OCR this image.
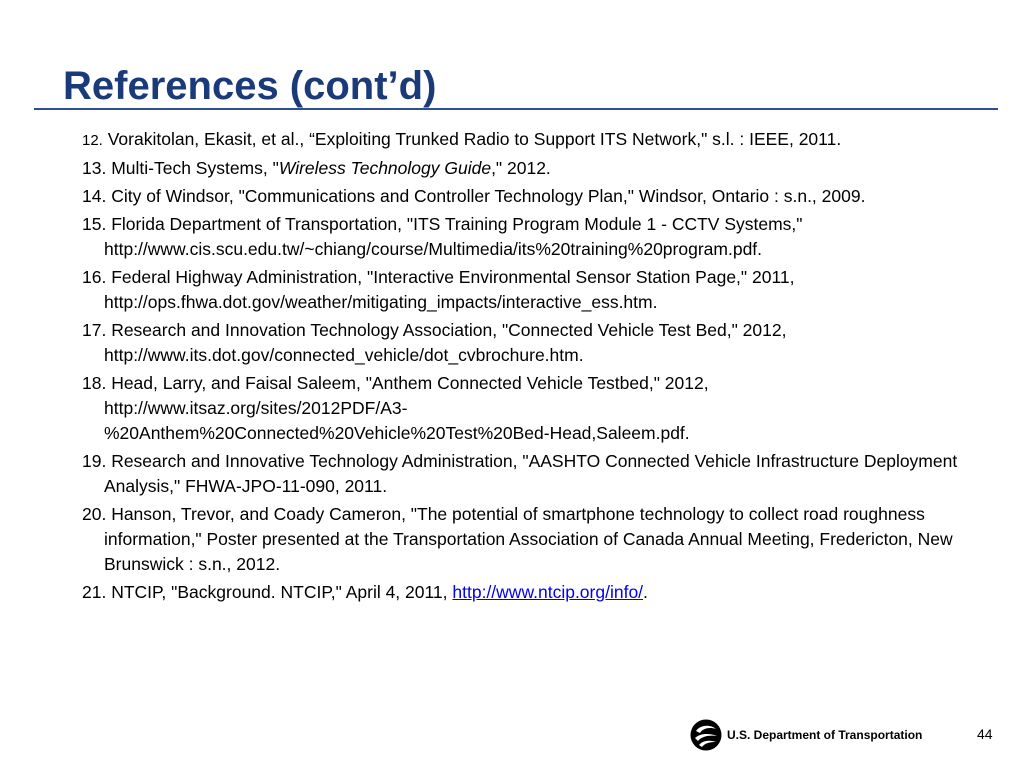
References (cont’d)
12. Vorakitolan, Ekasit, et al., “Exploiting Trunked Radio to Support ITS Network," s.l. : IEEE, 2011.
13. Multi-Tech Systems, "Wireless Technology Guide," 2012.
14. City of Windsor, "Communications and Controller Technology Plan," Windsor, Ontario : s.n., 2009.
15. Florida Department of Transportation, "ITS Training Program Module 1 - CCTV Systems," http://www.cis.scu.edu.tw/~chiang/course/Multimedia/its%20training%20program.pdf.
16. Federal Highway Administration, "Interactive Environmental Sensor Station Page," 2011, http://ops.fhwa.dot.gov/weather/mitigating_impacts/interactive_ess.htm.
17. Research and Innovation Technology Association, "Connected Vehicle Test Bed," 2012, http://www.its.dot.gov/connected_vehicle/dot_cvbrochure.htm.
18. Head, Larry, and Faisal Saleem, "Anthem Connected Vehicle Testbed," 2012, http://www.itsaz.org/sites/2012PDF/A3-
%20Anthem%20Connected%20Vehicle%20Test%20Bed-Head,Saleem.pdf.
19. Research and Innovative Technology Administration, "AASHTO Connected Vehicle Infrastructure Deployment Analysis," FHWA-JPO-11-090, 2011.
20. Hanson, Trevor, and Coady Cameron, "The potential of smartphone technology to collect road roughness information," Poster presented at the Transportation Association of Canada Annual Meeting, Fredericton, New Brunswick : s.n., 2012.
21. NTCIP, "Background. NTCIP," April 4, 2011, http://www.ntcip.org/info/.
U.S. Department of Transportation	44
